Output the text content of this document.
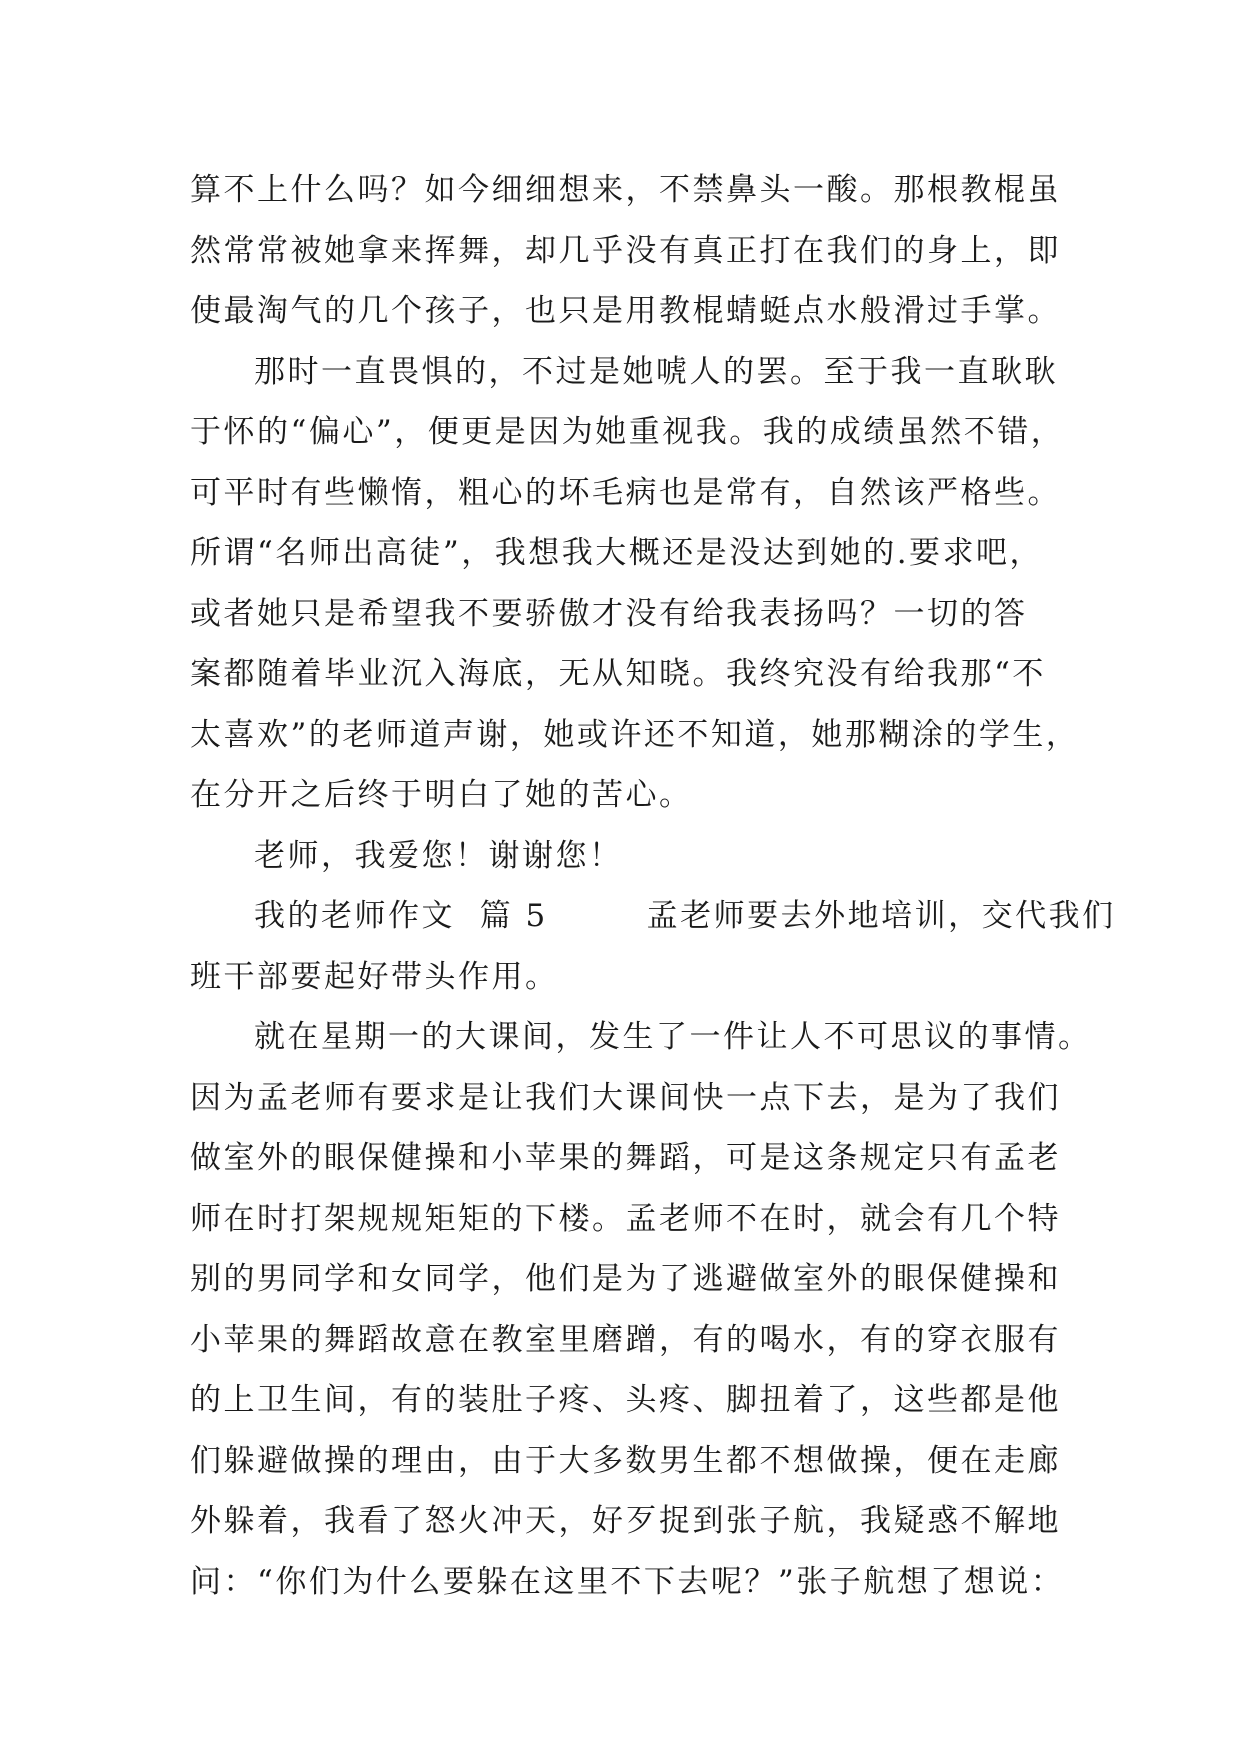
算不上什么吗？如今细细想来，不禁鼻头一酸。那根教棍虽
然常常被她拿来挥舞，却几乎没有真正打在我们的身上，即
使最淘气的几个孩子，也只是用教棍蜻蜓点水般滑过手掌。
那时一直畏惧的，不过是她唬人的罢。至于我一直耿耿
于怀的“偏心”，便更是因为她重视我。我的成绩虽然不错，
可平时有些懒惰，粗心的坏毛病也是常有，自然该严格些。
所谓“名师出高徒”，我想我大概还是没达到她的.要求吧，
或者她只是希望我不要骄傲才没有给我表扬吗？一切的答
案都随着毕业沉入海底，无从知晓。我终究没有给我那“不
太喜欢”的老师道声谢，她或许还不知道，她那糊涂的学生，
在分开之后终于明白了她的苦心。
老师，我爱您！谢谢您！
我的老师作文  篇 5        孟老师要去外地培训，交代我们
班干部要起好带头作用。
就在星期一的大课间，发生了一件让人不可思议的事情。
因为孟老师有要求是让我们大课间快一点下去，是为了我们
做室外的眼保健操和小苹果的舞蹈，可是这条规定只有孟老
师在时打架规规矩矩的下楼。孟老师不在时，就会有几个特
别的男同学和女同学，他们是为了逃避做室外的眼保健操和
小苹果的舞蹈故意在教室里磨蹭，有的喝水，有的穿衣服有
的上卫生间，有的装肚子疼、头疼、脚扭着了，这些都是他
们躲避做操的理由，由于大多数男生都不想做操，便在走廊
外躲着，我看了怒火冲天，好歹捉到张子航，我疑惑不解地
问：“你们为什么要躲在这里不下去呢？”张子航想了想说：
